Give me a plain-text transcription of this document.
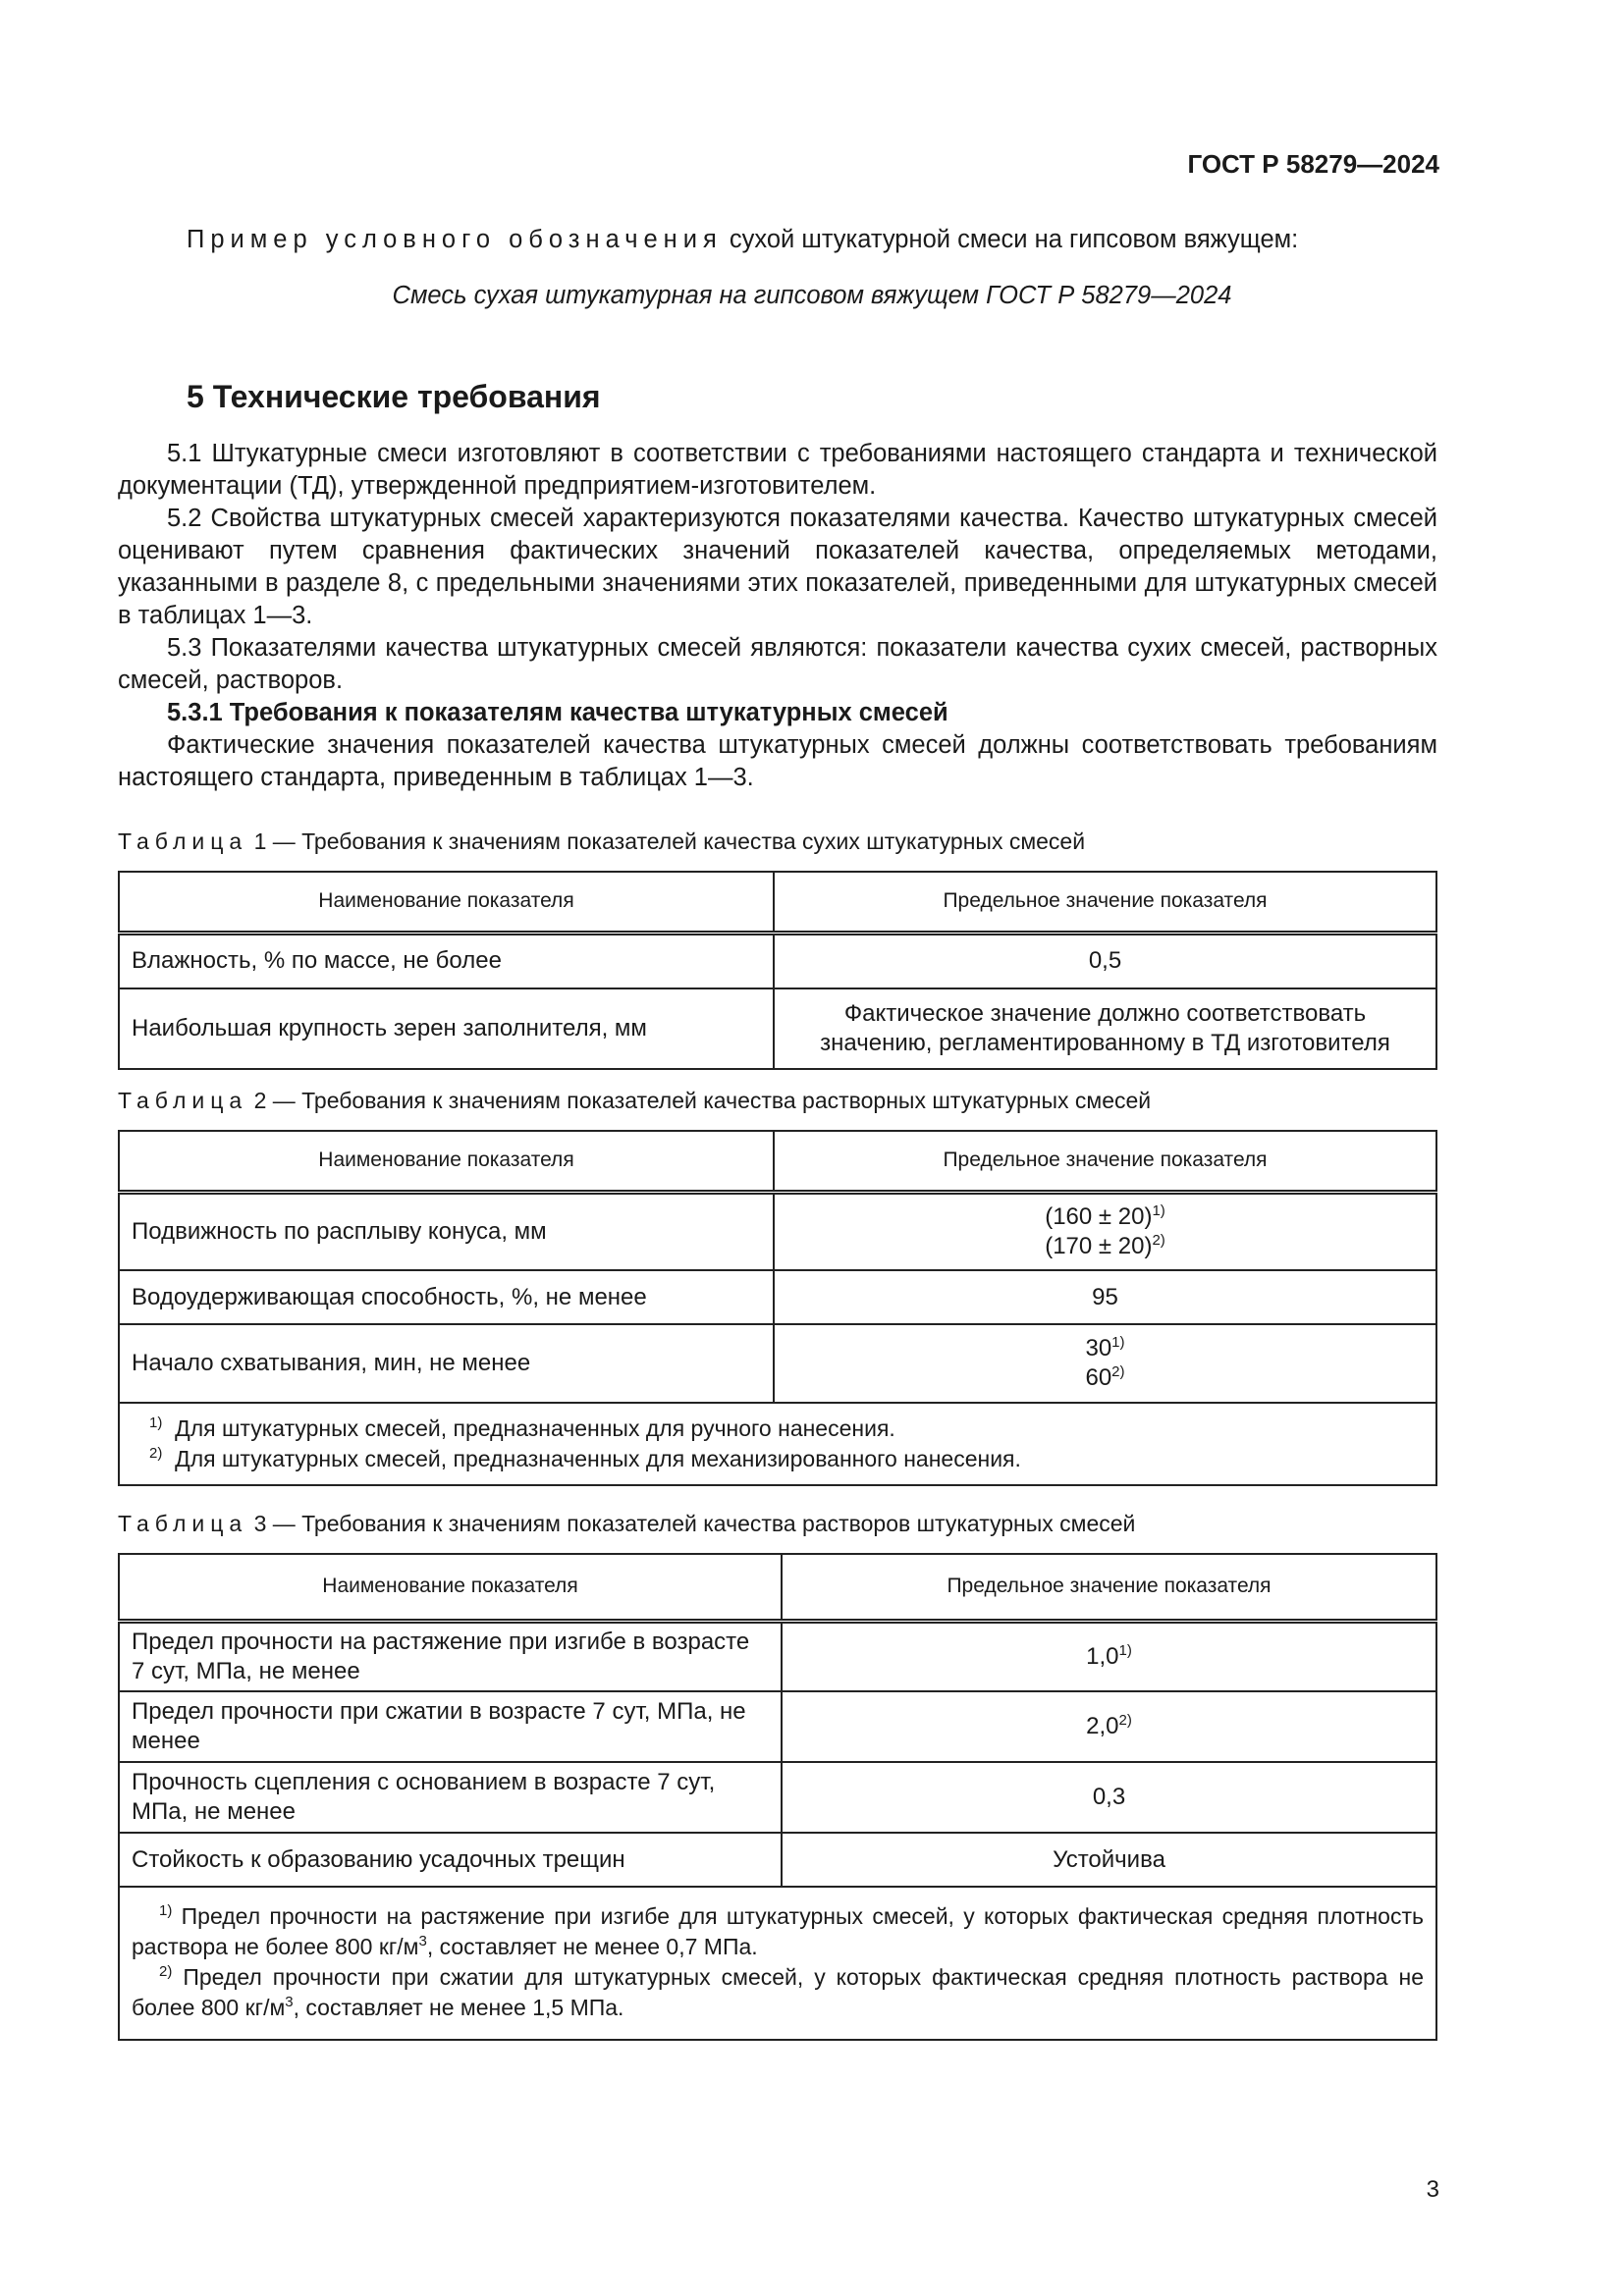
ГОСТ Р 58279—2024
Пример условного обозначения сухой штукатурной смеси на гипсовом вяжущем:
Смесь сухая штукатурная на гипсовом вяжущем ГОСТ Р 58279—2024
5 Технические требования
5.1 Штукатурные смеси изготовляют в соответствии с требованиями настоящего стандарта и технической документации (ТД), утвержденной предприятием-изготовителем.
5.2 Свойства штукатурных смесей характеризуются показателями качества. Качество штукатурных смесей оценивают путем сравнения фактических значений показателей качества, определяемых методами, указанными в разделе 8, с предельными значениями этих показателей, приведенными для штукатурных смесей в таблицах 1—3.
5.3 Показателями качества штукатурных смесей являются: показатели качества сухих смесей, растворных смесей, растворов.
5.3.1 Требования к показателям качества штукатурных смесей
Фактические значения показателей качества штукатурных смесей должны соответствовать требованиям настоящего стандарта, приведенным в таблицах 1—3.
Таблица 1 — Требования к значениям показателей качества сухих штукатурных смесей
Наименование показателя	Предельное значение показателя
Влажность, % по массе, не более	0,5
Наибольшая крупность зерен заполнителя, мм	Фактическое значение должно соответствовать значению, регламентированному в ТД изготовителя
Таблица 2 — Требования к значениям показателей качества растворных штукатурных смесей
Наименование показателя	Предельное значение показателя
Подвижность по расплыву конуса, мм	$(160 \pm 20)^{1)}$
$(170 \pm 20)^{2)}$

Водоудерживающая способность, %, не менее	95
Начало схватывания, мин, не менее	30$^{1)}$
60$^{2)}$

$^{1)}$ Для штукатурных смесей, предназначенных для ручного нанесения.
$^{2)}$ Для штукатурных смесей, предназначенных для механизированного нанесения.	
Таблица 3 — Требования к значениям показателей качества растворов штукатурных смесей
Наименование показателя	Предельное значение показателя
Предел прочности на растяжение при изгибе в возрасте 7 сут, МПа, не менее	1,0$^{1)}$
Предел прочности при сжатии в возрасте 7 сут, МПа, не менее	2,0$^{2)}$
Прочность сцепления с основанием в возрасте 7 сут, МПа, не менее	0,3
Стойкость к образованию усадочных трещин	Устойчива

$^{1)}$ Предел прочности на растяжение при изгибе для штукатурных смесей, у которых фактическая средняя плотность раствора не более 800 $кг/м^3$, составляет не менее 0,7 МПа.
$^{2)}$ Предел прочности при сжатии для штукатурных смесей, у которых фактическая средняя плотность раствора не более 800 $кг/м^3$, составляет не менее 1,5 МПа.	
3
